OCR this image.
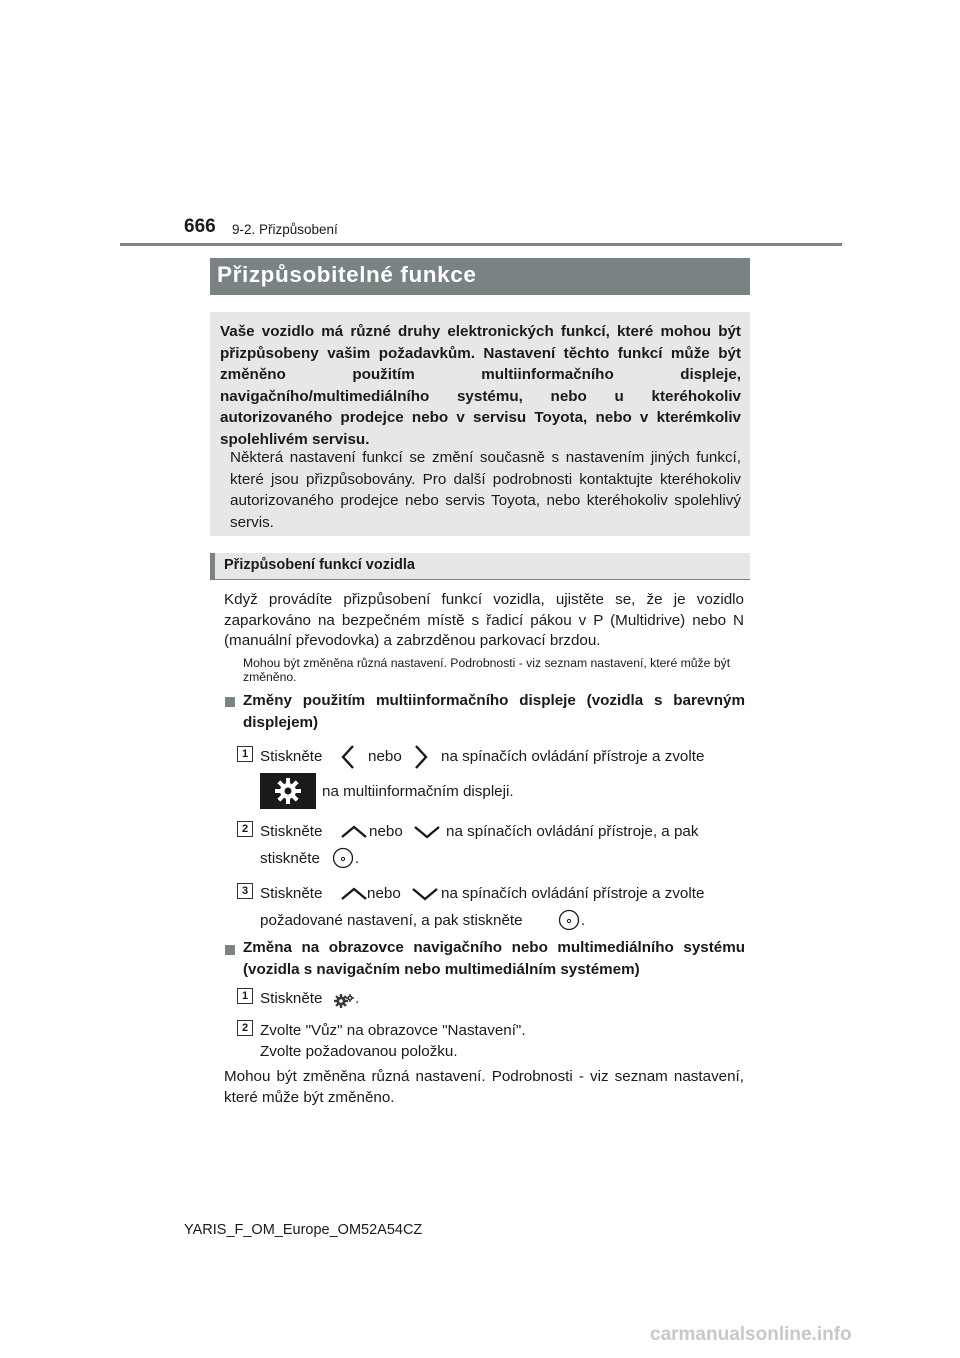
666 9-2. Přizpůsobení
Přizpůsobitelné funkce

Vaše vozidlo má různé druhy elektronických funkcí, které mohou být přizpůsobeny vašim požadavkům. Nastavení těchto funkcí může být změněno použitím multiinformačního displeje, navigačního/multimediálního systému, nebo u kteréhokoliv autorizovaného prodejce nebo v servisu Toyota, nebo v kterémkoliv spolehlivém servisu.

Některá nastavení funkcí se změní současně s nastavením jiných funkcí, které jsou přizpůsobovány. Pro další podrobnosti kontaktujte kteréhokoliv autorizovaného prodejce nebo servis Toyota, nebo kteréhokoliv spolehlivý servis.

Přizpůsobení funkcí vozidla

Když provádíte přizpůsobení funkcí vozidla, ujistěte se, že je vozidlo zaparkováno na bezpečném místě s řadicí pákou v P (Multidrive) nebo N (manuální převodovka) a zabrzděnou parkovací brzdou.

Mohou být změněna různá nastavení. Podrobnosti - viz seznam nastavení, které může být změněno.

Změny použitím multiinformačního displeje (vozidla s barevným displejem)

1 Stiskněte	nebo	na spínačích ovládání přístroje a zvolte
na multiinformačním displeji.
2 Stiskněte	nebo	na spínačích ovládání přístroje, a pak
stiskněte .
3 Stiskněte	nebo	na spínačích ovládání přístroje a zvolte
požadované nastavení, a pak stiskněte	.

Změna na obrazovce navigačního nebo multimediálního systému (vozidla s navigačním nebo multimediálním systémem)

1 Stiskněte .
2 Zvolte "Vůz" na obrazovce "Nastavení".
Zvolte požadovanou položku.

Mohou být změněna různá nastavení. Podrobnosti - viz seznam nastavení, které může být změněno.

YARIS_F_OM_Europe_OM52A54CZ
carmanualsonline.info
